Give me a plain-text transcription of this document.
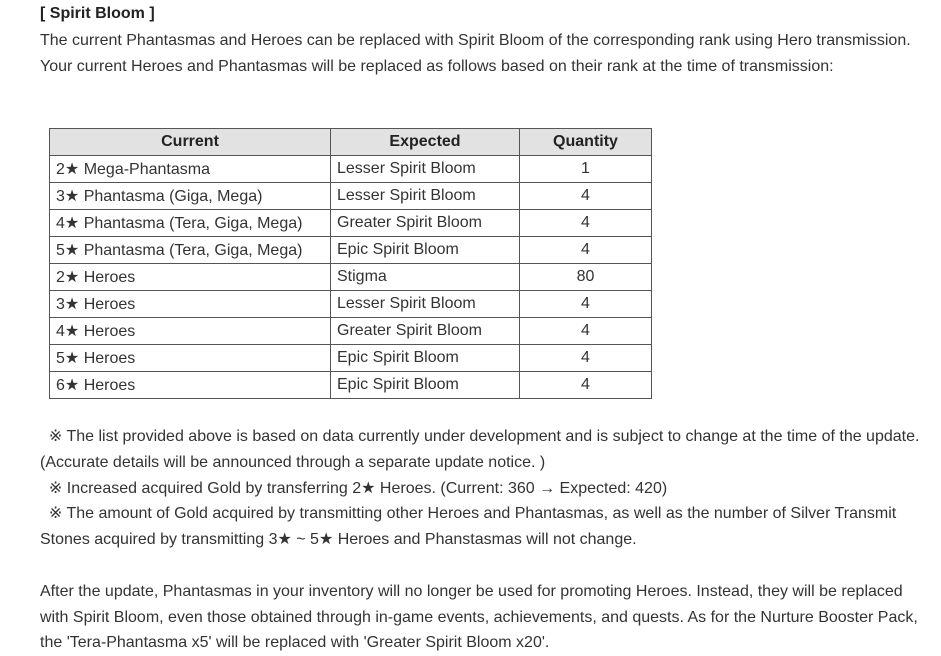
[ Spirit Bloom ]

The current Phantasmas and Heroes can be replaced with Spirit Bloom of the corresponding rank using Hero transmission. Your current Heroes and Phantasmas will be replaced as follows based on their rank at the time of transmission:

Current	Expected	Quantity
2★ Mega-Phantasma	Lesser Spirit Bloom	1
3★ Phantasma (Giga, Mega)	Lesser Spirit Bloom	4
4★ Phantasma (Tera, Giga, Mega)	Greater Spirit Bloom	4
5★ Phantasma (Tera, Giga, Mega)	Epic Spirit Bloom	4
2★ Heroes	Stigma	80
3★ Heroes	Lesser Spirit Bloom	4
4★ Heroes	Greater Spirit Bloom	4
5★ Heroes	Epic Spirit Bloom	4
6★ Heroes	Epic Spirit Bloom	4

※ The list provided above is based on data currently under development and is subject to change at the time of the update. (Accurate details will be announced through a separate update notice. )

※ Increased acquired Gold by transferring 2★ Heroes. (Current: 360 → Expected: 420)

※ The amount of Gold acquired by transmitting other Heroes and Phantasmas, as well as the number of Silver Transmit Stones acquired by transmitting 3★ ~ 5★ Heroes and Phanstasmas will not change.

After the update, Phantasmas in your inventory will no longer be used for promoting Heroes. Instead, they will be replaced with Spirit Bloom, even those obtained through in-game events, achievements, and quests. As for the Nurture Booster Pack, the 'Tera-Phantasma x5' will be replaced with 'Greater Spirit Bloom x20'.
